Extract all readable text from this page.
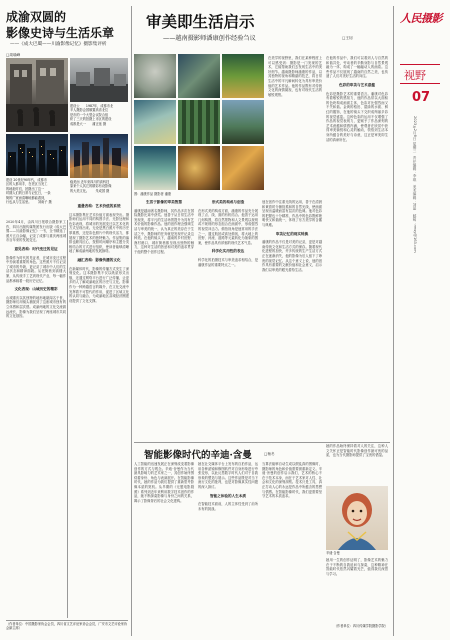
成渝双圆的
影像史诗与生活乐章
——《成大巴蜀——川渝影像记忆》摄影集评析
□周瑜峰
建设公　　1987年，成都市北
辛人摄影会国顺置高省北位
是市的一个大型会议院合组
织了三天的拍摄上市区的建设
成都是大一　　蒲正延 摄
建设 20世纪90年代，成都市
区的人都用手，在老区当发工
的地址时们，拍摄出了这一
时期人们的日常与记忆日，一条
街的广宽而清晰地都能看到，
行也从与生活里。　　刘南子 摄
稳美而 近年来四川的高科技
原来个人其它的精彩有设影像
的大美文化。　　朱成国 摄
2020年4月，由四川日报联合摄影家工作，四川出版传媒集团发行出版《成大巴蜀——川渝影像记忆》一书，全书精选了照片五百余幅，记录了成都与重庆两座城市百年来的发展变迁。
意见表构：时代变迁的见证
影像作为时代的见证者，在城市变迁过程中扮演着重要的角色。这些照片不仅记录了城市的外貌，更记录了城市中人们的生活状态和精神面貌。从老街巷到高楼大厦，从传统手工艺到现代产业，每一幅作品都承载着一段历史记忆。
文化表现：山城历史的精彩
山城重庆以其独特的地形地貌闻名于世，摄影师们用镜头捕捉到了这座城市独有的立体感和层次感。成渝两地的文化交流源远流长，影像为我们呈现了两座城市共同的文化基因。
重叠表构：艺术价值的系统
这本摄影集在艺术价值方面表现突出。摄影师们运用不同的构图手法、光影处理和色彩表现，将城市的发展变迁以艺术化的方式呈现出来。无论是黑白照片中的历史厚重感，还是彩色照片中的现代活力，都展现了摄影艺术的独特魅力。作品集的编排也颇具匠心，按照时间顺序和主题分类相结合的方式进行组织，使读者能够清晰地了解成渝两地的发展脉络。
融汇表构：影像传播的文化
在新媒体时代，影像的传播方式发生了深刻变化。这本摄影集不仅以纸质形式出版，还通过网络平台进行广泛传播，让更多的人了解成渝地区的历史与文化。影像作为一种跨越语言的媒介，在文化交流中发挥着不可替代的作用，促进了区域文化的认同与融合，为成渝地区双城经济圈建设提供了文化支撑。
（作者单位：中国摄影家协会会员，四川省文艺评论家协会会员，广安市文艺评论家协会副主席）
审美即生活启示
——越南摄影师潘康创作经验刍议	□王钊
在美学的视野里，我们在某种程度上可以感受到：摄影是一门发现的艺术，它能帮助我们去发现生活中的美好细节。越南摄影师潘康的作品，以其独特的视角和精湛的技艺，将日常生活中的平凡瞬间转化为具有审美价值的艺术作品。他的作品既有对传统文化的深情凝视，也有对现代生活的敏锐观察。
图：潘康作品 摄影者 潘康
生活于影像的审美智慧
潘康是越南著名摄影师，其作品多次在国际摄影比赛中获奖。他善于从日常生活中发现美，将平凡的生活场景提升为具有艺术价值的影像作品。他的创作理念强调生活与审美的统一，认为真正的美存在于生活之中，摄影师的任务就是发现并记录这种美。在他的镜头下，越南的乡村田野、渔村港口、城市街巷都呈现出独特的魅力，这种对生活的热爱和对美的追求贯穿于他的整个创作过程。
形式美的构成与创造
在形式美的构成方面，潘康的作品充分展现了点、线、面的有机结合。他善于运用几何构图，将自然景物和人文景观以规则或不规则的形态组合在画面中，形成强烈的视觉冲击力。俯拍视角是他常用的手法之一，通过航拍或高处俯视，将大地上的田野、河流、道路等元素转化为抽象的图案，使作品具有浓郁的现代艺术气息。
科学化实用性的表达
科学化的拍摄技术与审美追求相结合，是潘康作品的重要特点之一。
他在创作中注重光线的运用，善于在清晨和黄昏时分捕捉柔和的自然光线，使画面呈现出温暖而富有层次的色调。他对色彩的把握也十分精准，作品中的色彩既鲜艳明快又和谐统一，体现了东方美学的含蓄与典雅。
审美记忆的现实转换
潘康的作品不仅是对美的记录，更是对越南传统文化和生活方式的保存。随着现代化进程的加快，许多传统的生产生活方式正在逐渐消失，他的影像为后人留下了珍贵的视觉记忆。从这个意义上说，他的创作具有重要的文献价值和社会意义，启示我们以审美的眼光看待生活。
在他的作品中，我们可以看到人与自然的和谐共处，劳动者的辛勤身影与自然景观融为一体，构成了一幅幅动人的画卷。这些作品不仅展现了越南的自然之美，也传递了人们对美好生活的向往。
色彩的审美与艺术意蕴
色彩是摄影艺术的重要语言。潘康对色彩有着敏锐的感知力，他的作品常以大面积的色块构成画面主体，色彩对比强烈而又不失和谐。金黄的稻田、碧绿的水面、鲜红的服饰，在他的镜头下交织成绚丽多彩的视觉盛宴。这种色彩的运用不仅增强了作品的视觉表现力，更赋予了作品深刻的艺术意蕴和情感内涵，使观者在欣赏中获得审美愉悦和心灵的触动，领悟到生活本身所蕴含的美好与诗意，这正是审美即生活的真谛所在。
智能影像时代的辛迪·含曼	□杨冬
人工智能的迅速发展正在深刻改变着影像创作的方式与观念。辛迪·舍曼作为当代最具影响力的艺术家之一，其创作始终围绕着身份、角色与表演展开。在智能影像时代，她的作品为我们提供了重新思考影像本质的契机。从早期的《无题电影剧照》系列到近年来利用数字技术创作的作品，她不断探索影像与身份之间的关系，揭示了影像背后的社会文化建构。
她在社交媒体平台上发布的自拍作品，运用各种滤镜和修图软件对自身形象进行夸张变形，以此反思数字时代人们对于自我形象的塑造与展示。这些作品既是对当下流行文化的批判，也是对影像真实性问题的深入探讨。
智能之体验的人生本质
在智能技术面前，人的主体性受到了前所未有的挑战。
当算法能够自动生成以假乱真的图像时，摄影师的角色和价值需要被重新定义。辛迪·舍曼的创作启示我们，艺术的核心不在于技术本身，而在于艺术家对人性、社会和文化的深刻洞察。技术只是工具，真正打动人心的永远是作品中所蕴含的思想与情感。在智能影像时代，我们更需要坚守艺术的本质追求。
她的作品始终保持着对人的关注，这种人文关怀正是智能时代影像创作最可贵的品质，也为当代摄影师提供了宝贵的借鉴。
辛迪·含曼
她用一生的创作证明了，影像艺术的魅力在于不断的自我追问与探索，这种精神在智能时代依然闪耀着光芒，值得我们深思与学习。
（作者单位：四川传媒学院摄影学院）
人民摄影
视野
07
2023年2月8日 星期三　责任编辑：李琪　美术编辑：刘晶　邮箱：rmsy@163.com
